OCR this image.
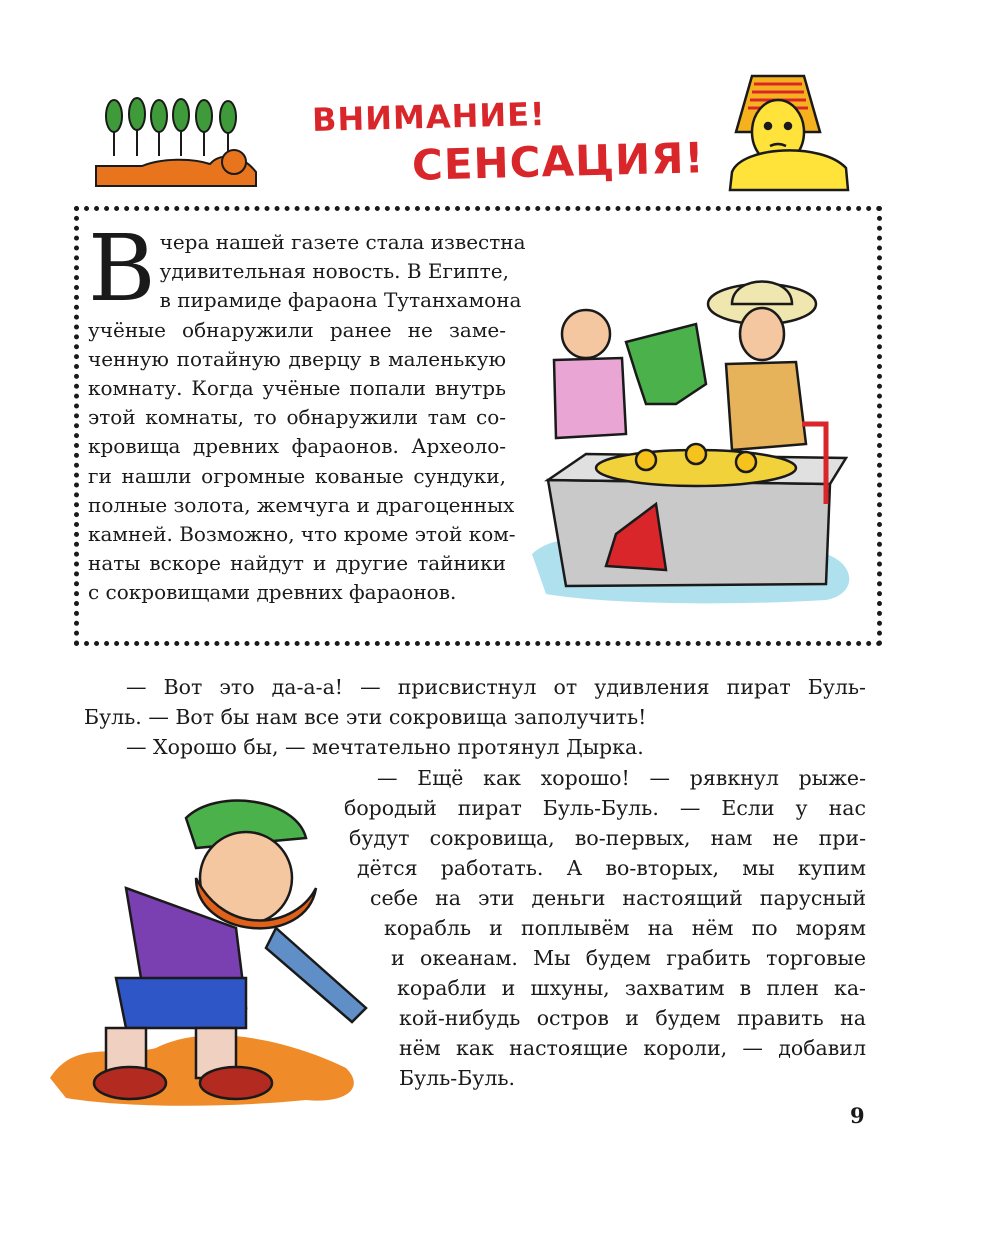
ВНИМАНИЕ!
СЕНСАЦИЯ!
В чера нашей газете стала известна
удивительная новость. В Египте,
в пирамиде фараона Тутанхамона
учёные обнаружили ранее не заме-
ченную потайную дверцу в маленькую
комнату. Когда учёные попали внутрь
этой комнаты, то обнаружили там со-
кровища древних фараонов. Археоло-
ги нашли огромные кованые сундуки,
полные золота, жемчуга и драгоценных
камней. Возможно, что кроме этой ком-
наты вскоре найдут и другие тайники
с сокровищами древних фараонов.
— Вот это да-а-а! — присвистнул от удивления пират Буль-
Буль. — Вот бы нам все эти сокровища заполучить!
— Хорошо бы, — мечтательно протянул Дырка.
— Ещё как хорошо! — рявкнул рыже-
бородый пират Буль-Буль. — Если у нас
будут сокровища, во-первых, нам не при-
дётся работать. А во-вторых, мы купим
себе на эти деньги настоящий парусный
корабль и поплывём на нём по морям
и океанам. Мы будем грабить торговые
корабли и шхуны, захватим в плен ка-
кой-нибудь остров и будем править на
нём как настоящие короли, — добавил
Буль-Буль.
9
